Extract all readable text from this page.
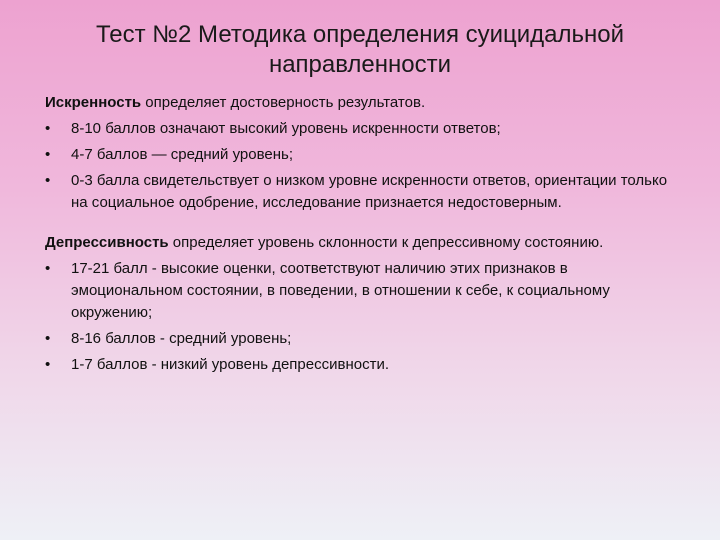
Тест №2 Методика определения суицидальной
направленности

Искренность определяет достоверность результатов.

• 8-10 баллов означают высокий уровень искренности ответов;
• 4-7 баллов — средний уровень;
• 0-3 балла свидетельствует о низком уровне искренности ответов, ориентации только на социальное одобрение, исследование признается недостоверным.

Депрессивность определяет уровень склонности к депрессивному состоянию.

• 17-21 балл - высокие оценки, соответствуют наличию этих признаков в эмоциональном состоянии, в поведении, в отношении к себе, к социальному окружению;
• 8-16 баллов - средний уровень;
• 1-7 баллов - низкий уровень депрессивности.
